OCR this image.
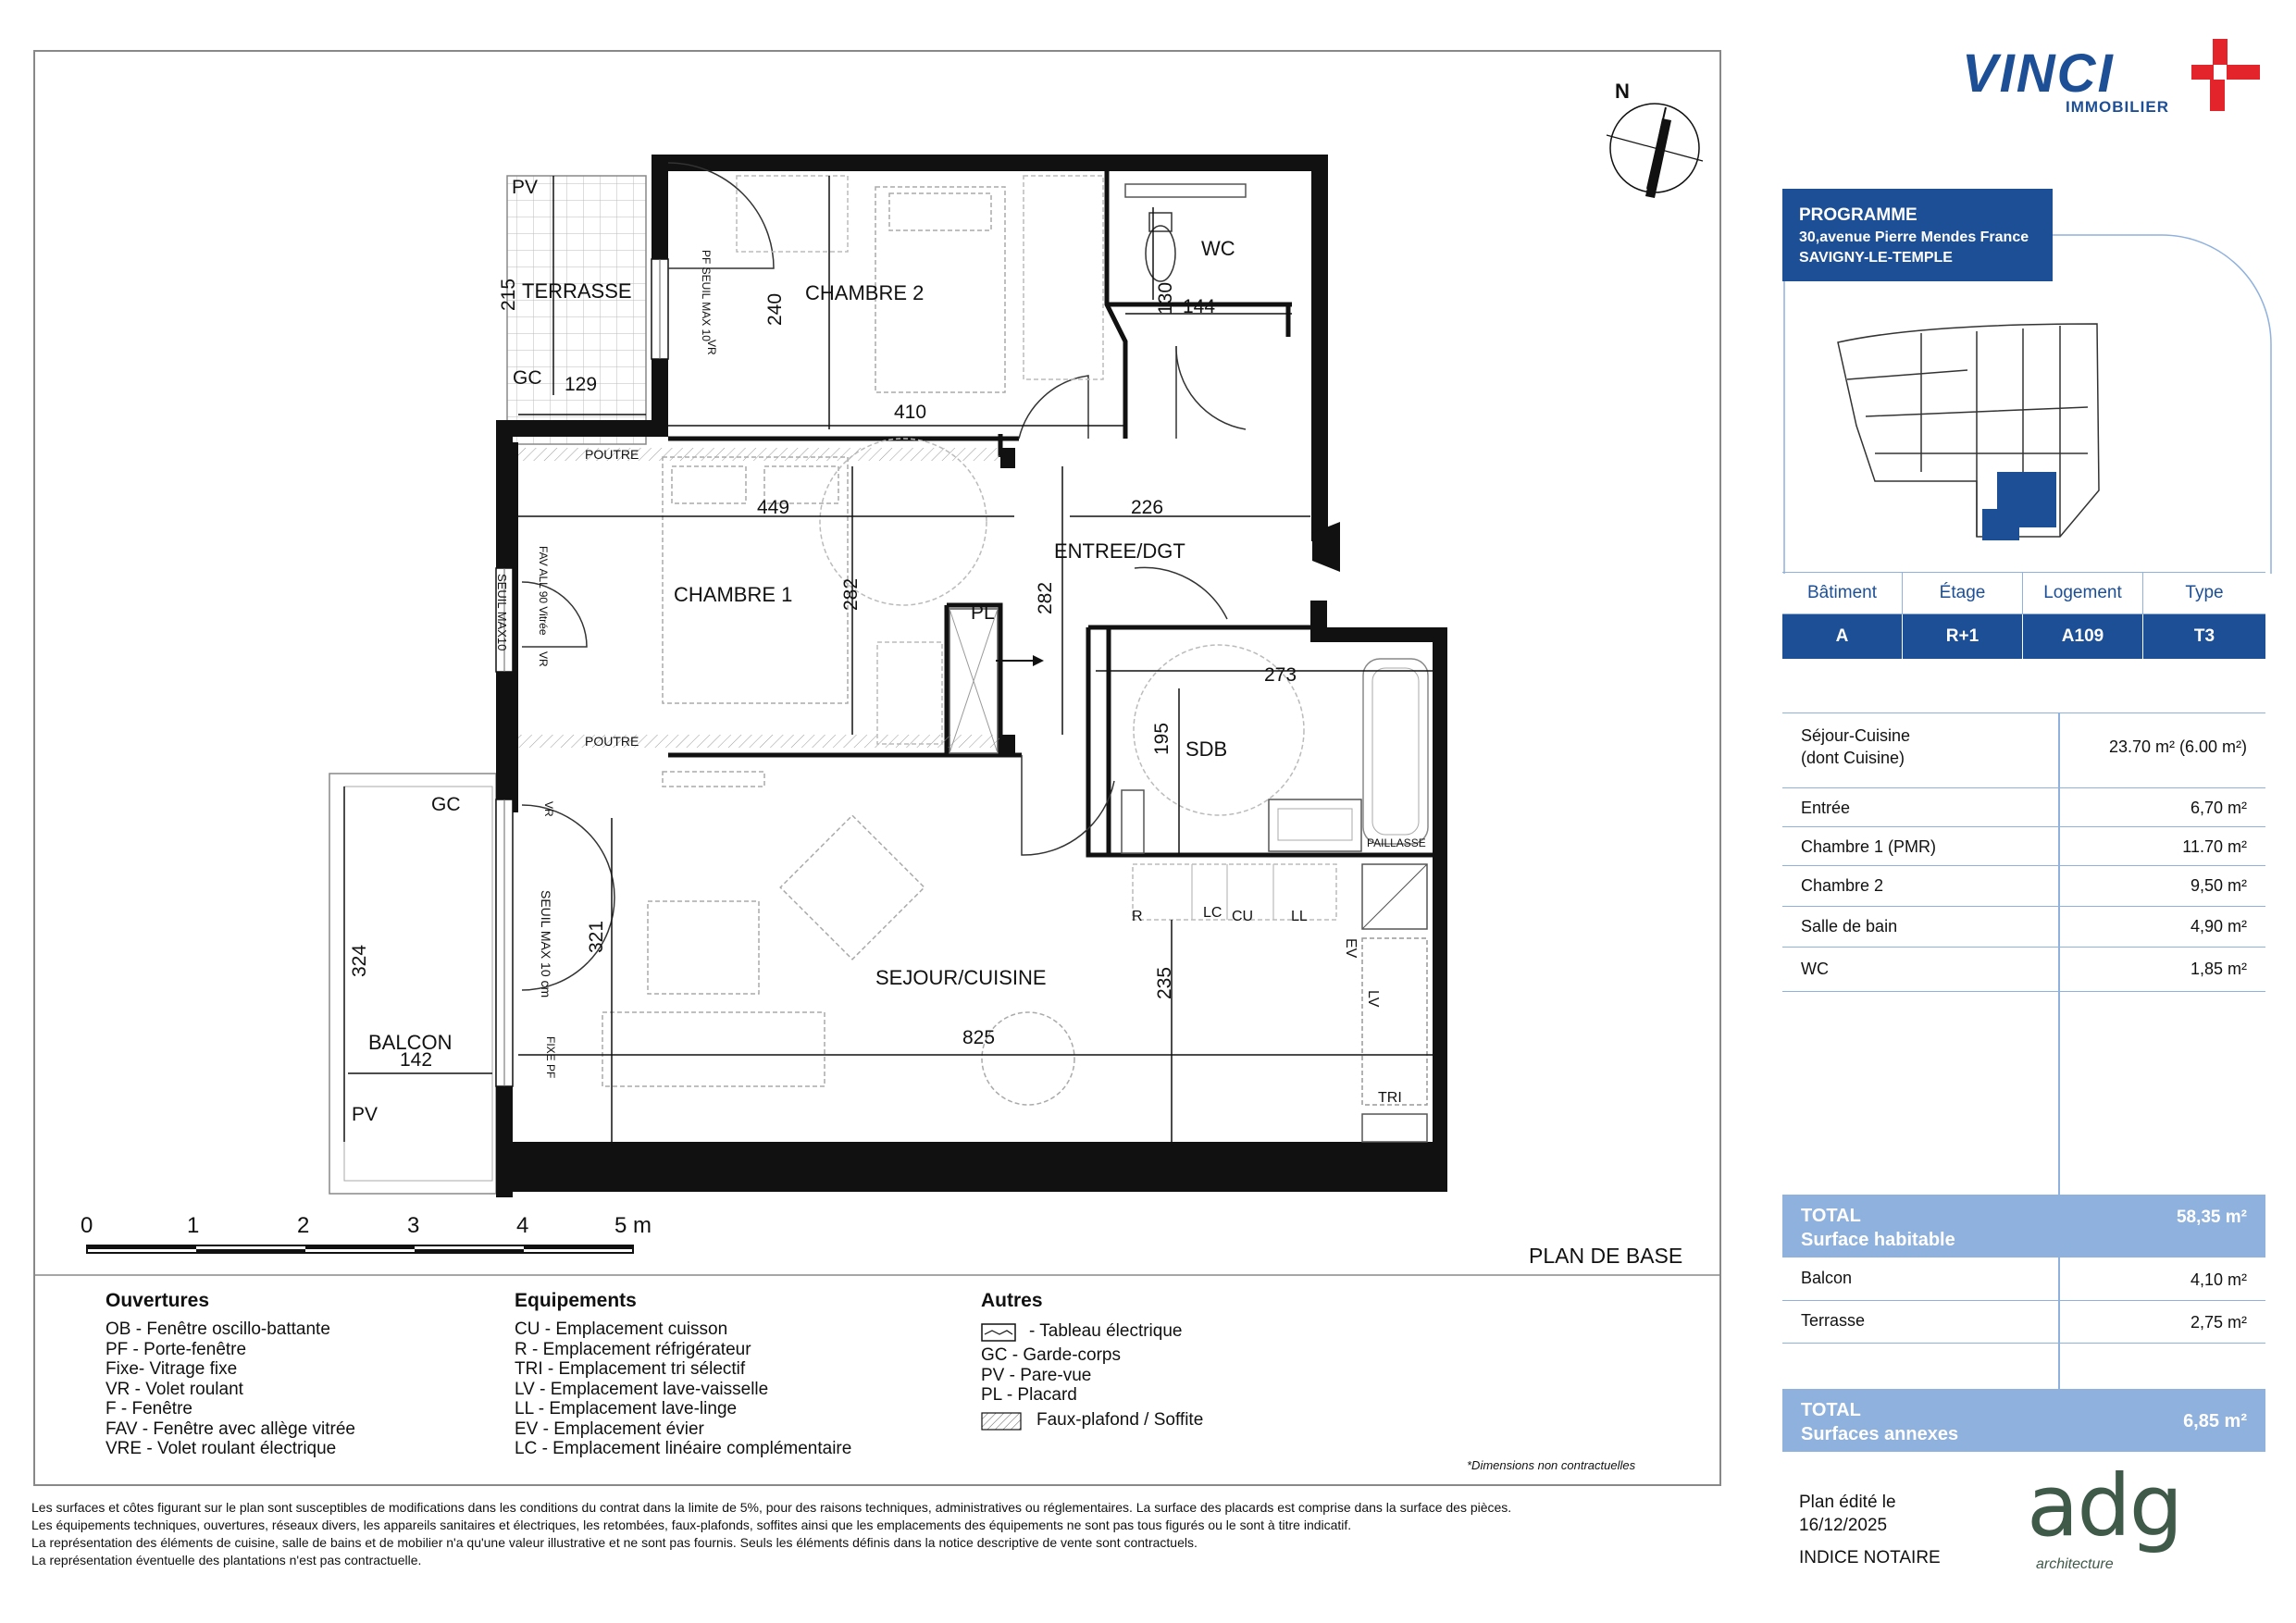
CHAMBRE 2
WC
TERRASSE
CHAMBRE 1
ENTREE/DGT
SDB
SEJOUR/CUISINE
BALCON
PV
GC
GC
PV
POUTRE
POUTRE
PL
PAILLASSE
R	LC CU	LL
EV
LV
TRI
PF SEUIL MAX 10
VR
FAV ALL 90 Vitrée
SEUIL MAX10
VR
VR
SEUIL MAX 10 cm
FIXE PF
215
129
240	130 144
410
449	226
282	282
273
195
324
142
321
825
235
N
0	1	2	3	4	5 m
PLAN DE BASE
Ouvertures
OB - Fenêtre oscillo-battante
PF - Porte-fenêtre
Fixe- Vitrage fixe
VR - Volet roulant
F - Fenêtre
FAV - Fenêtre avec allège vitrée
VRE - Volet roulant électrique
Equipements
CU - Emplacement cuisson
R - Emplacement réfrigérateur
TRI - Emplacement tri sélectif
LV - Emplacement lave-vaisselle
LL - Emplacement lave-linge
EV - Emplacement évier
LC - Emplacement linéaire complémentaire
Autres
- Tableau électrique
GC - Garde-corps
PV - Pare-vue
PL - Placard
Faux-plafond / Soffite
*Dimensions non contractuelles
Les surfaces et côtes figurant sur le plan sont susceptibles de modifications dans les conditions du contrat dans la limite de 5%, pour des raisons techniques, administratives ou réglementaires. La surface des placards est comprise dans la surface des pièces.
Les équipements techniques, ouvertures, réseaux divers, les appareils sanitaires et électriques, les retombées, faux-plafonds, soffites ainsi que les emplacements des équipements ne sont pas tous figurés ou le sont à titre indicatif.
La représentation des éléments de cuisine, salle de bains et de mobilier n'a qu'une valeur illustrative et ne sont pas fournis. Seuls les éléments définis dans la notice descriptive de vente sont contractuels.
La représentation éventuelle des plantations n'est pas contractuelle.
VINCI
IMMOBILIER
PROGRAMME
30,avenue Pierre Mendes France
SAVIGNY-LE-TEMPLE
Bâtiment	Étage	Logement	Type
A	R+1	A109	T3
Séjour-Cuisine
(dont Cuisine)
23.70 m² (6.00 m²)
Entrée	6,70 m²
Chambre 1 (PMR)	11.70 m²
Chambre 2	9,50 m²
Salle de bain	4,90 m²
WC	1,85 m²
TOTAL
Surface habitable
58,35 m²
Balcon	4,10 m²
Terrasse	2,75 m²
TOTAL
Surfaces annexes
6,85 m²
Plan édité le
16/12/2025
INDICE NOTAIRE
adg
architecture
